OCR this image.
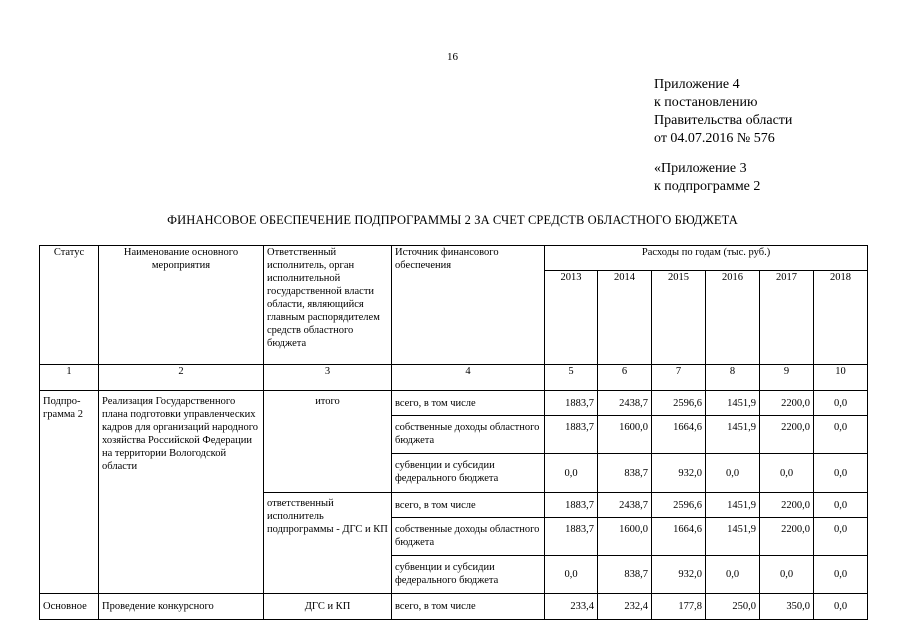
16
Приложение 4
к постановлению
Правительства области
от 04.07.2016 № 576
«Приложение 3
к подпрограмме 2
ФИНАНСОВОЕ ОБЕСПЕЧЕНИЕ ПОДПРОГРАММЫ 2 ЗА СЧЕТ СРЕДСТВ ОБЛАСТНОГО БЮДЖЕТА
Статус	Наименование основного мероприятия	Ответственный исполнитель, орган исполнительной государственной власти области, являющийся главным распорядителем средств областного бюджета	Источник финансового обеспечения	Расходы по годам (тыс. руб.)					
				2013	2014	2015	2016	2017	2018
1	2	3	4	5	6	7	8	9	10
Подпро-грамма 2	Реализация Государственного плана подготовки управленческих кадров для организаций народного хозяйства Российской Федерации на территории Вологодской области	итого	всего, в том числе	1883,7	2438,7	2596,6	1451,9	2200,0	0,0
			собственные доходы областного бюджета	1883,7	1600,0	1664,6	1451,9	2200,0	0,0
			субвенции и субсидии федерального бюджета	0,0	838,7	932,0	0,0	0,0	0,0
		ответственный исполнитель подпрограммы - ДГС и КП	всего, в том числе	1883,7	2438,7	2596,6	1451,9	2200,0	0,0
			собственные доходы областного бюджета	1883,7	1600,0	1664,6	1451,9	2200,0	0,0
			субвенции и субсидии федерального бюджета	0,0	838,7	932,0	0,0	0,0	0,0
Основное	Проведение конкурсного	ДГС и КП	всего, в том числе	233,4	232,4	177,8	250,0	350,0	0,0
